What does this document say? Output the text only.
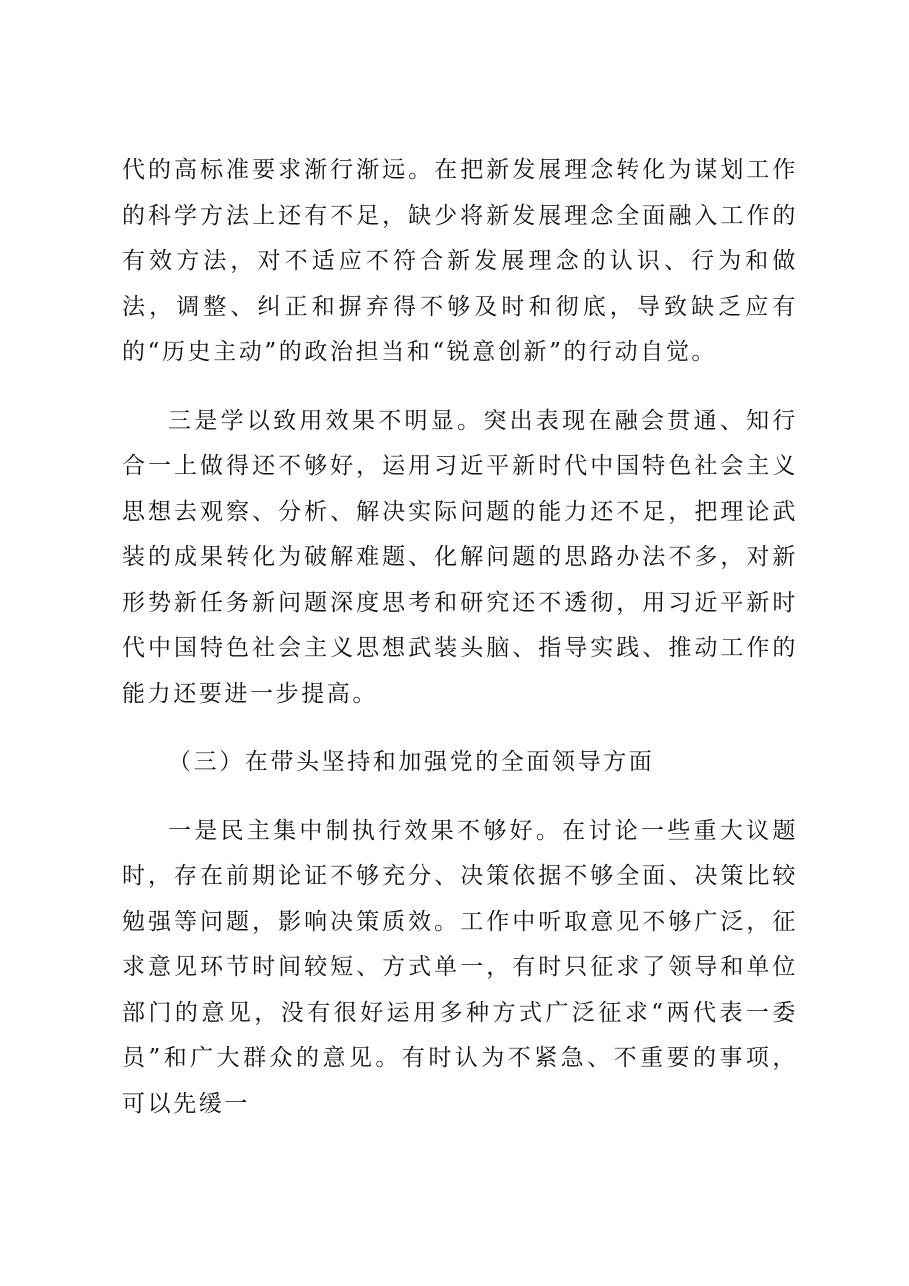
代的高标准要求渐行渐远。在把新发展理念转化为谋划工作的科学方法上还有不足，缺少将新发展理念全面融入工作的有效方法，对不适应不符合新发展理念的认识、行为和做法，调整、纠正和摒弃得不够及时和彻底，导致缺乏应有的“历史主动”的政治担当和“锐意创新”的行动自觉。

三是学以致用效果不明显。突出表现在融会贯通、知行合一上做得还不够好，运用习近平新时代中国特色社会主义思想去观察、分析、解决实际问题的能力还不足，把理论武装的成果转化为破解难题、化解问题的思路办法不多，对新形势新任务新问题深度思考和研究还不透彻，用习近平新时代中国特色社会主义思想武装头脑、指导实践、推动工作的能力还要进一步提高。

（三）在带头坚持和加强党的全面领导方面

一是民主集中制执行效果不够好。在讨论一些重大议题时，存在前期论证不够充分、决策依据不够全面、决策比较勉强等问题，影响决策质效。工作中听取意见不够广泛，征求意见环节时间较短、方式单一，有时只征求了领导和单位部门的意见，没有很好运用多种方式广泛征求“两代表一委员”和广大群众的意见。有时认为不紧急、不重要的事项，可以先缓一
